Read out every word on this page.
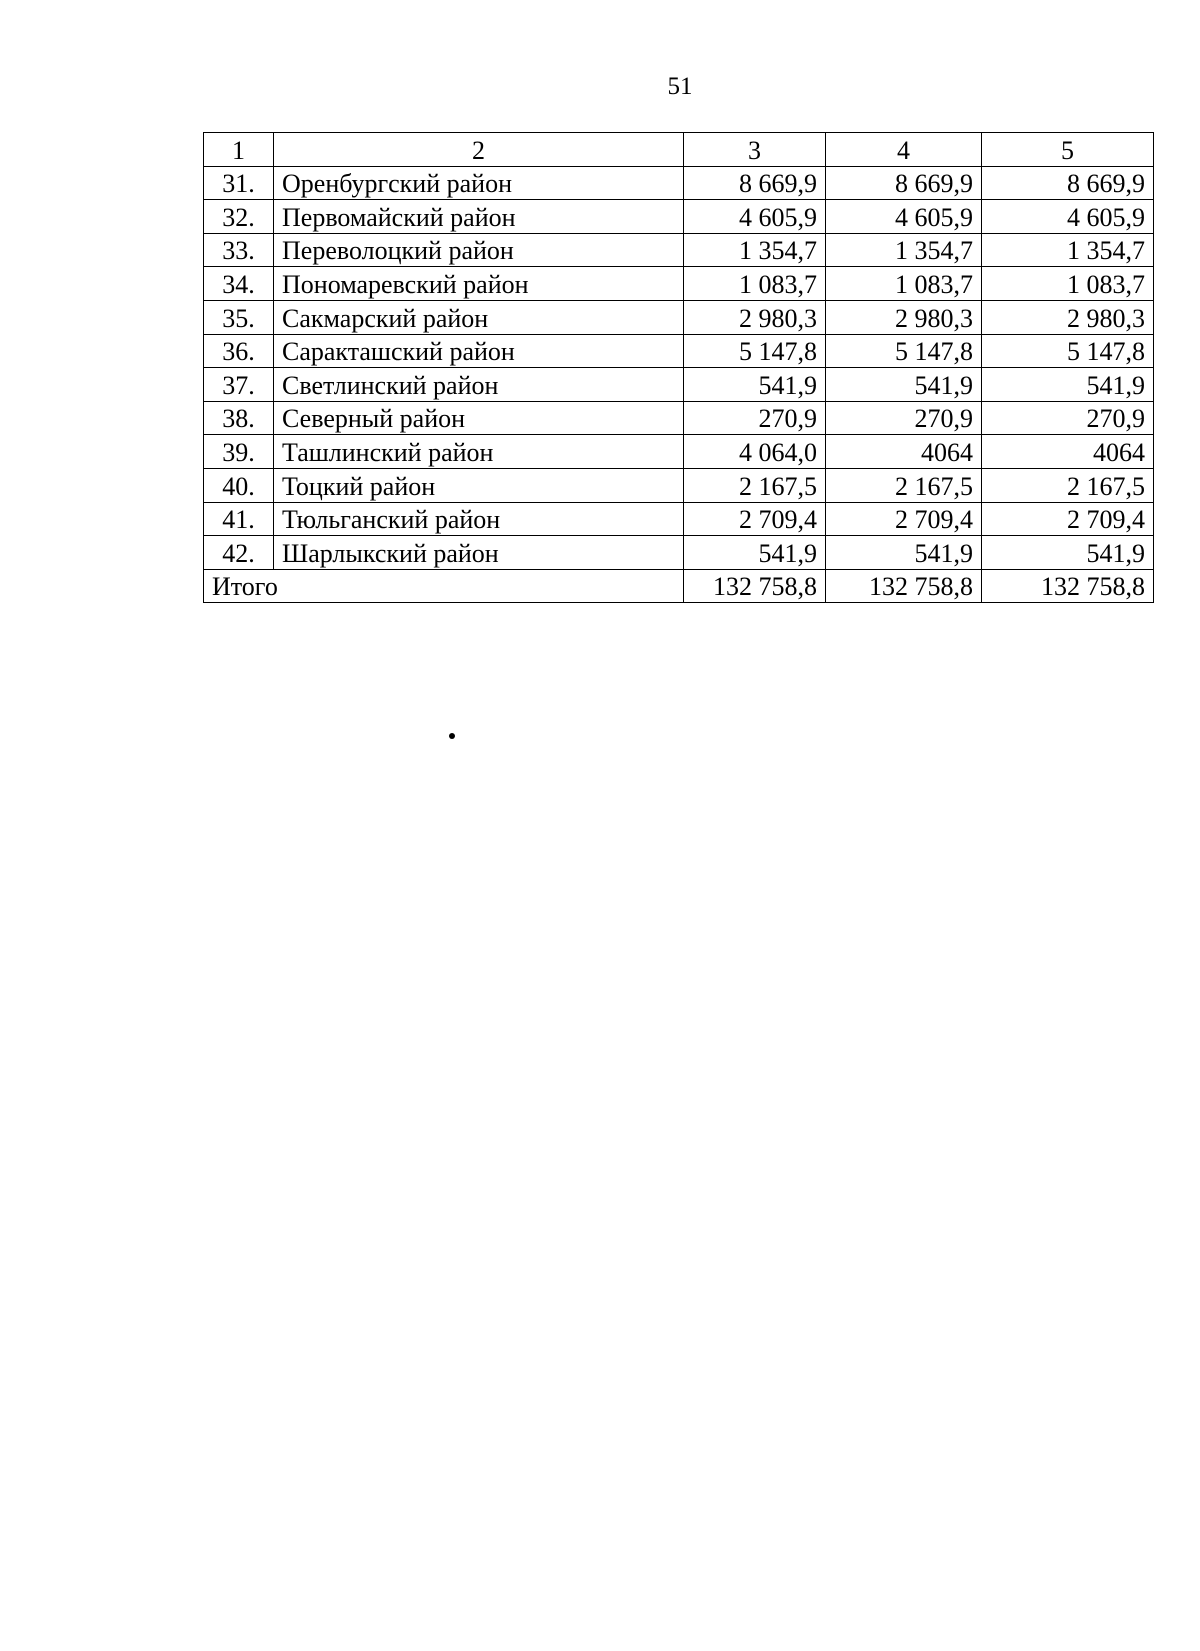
51
1	2	3	4	5
31.	Оренбургский район	8 669,9	8 669,9	8 669,9
32.	Первомайский район	4 605,9	4 605,9	4 605,9
33.	Переволоцкий район	1 354,7	1 354,7	1 354,7
34.	Пономаревский район	1 083,7	1 083,7	1 083,7
35.	Сакмарский район	2 980,3	2 980,3	2 980,3
36.	Саракташский район	5 147,8	5 147,8	5 147,8
37.	Светлинский район	541,9	541,9	541,9
38.	Северный район	270,9	270,9	270,9
39.	Ташлинский район	4 064,0	4064	4064
40.	Тоцкий район	2 167,5	2 167,5	2 167,5
41.	Тюльганский район	2 709,4	2 709,4	2 709,4
42.	Шарлыкский район	541,9	541,9	541,9
Итого		132 758,8	132 758,8	132 758,8
